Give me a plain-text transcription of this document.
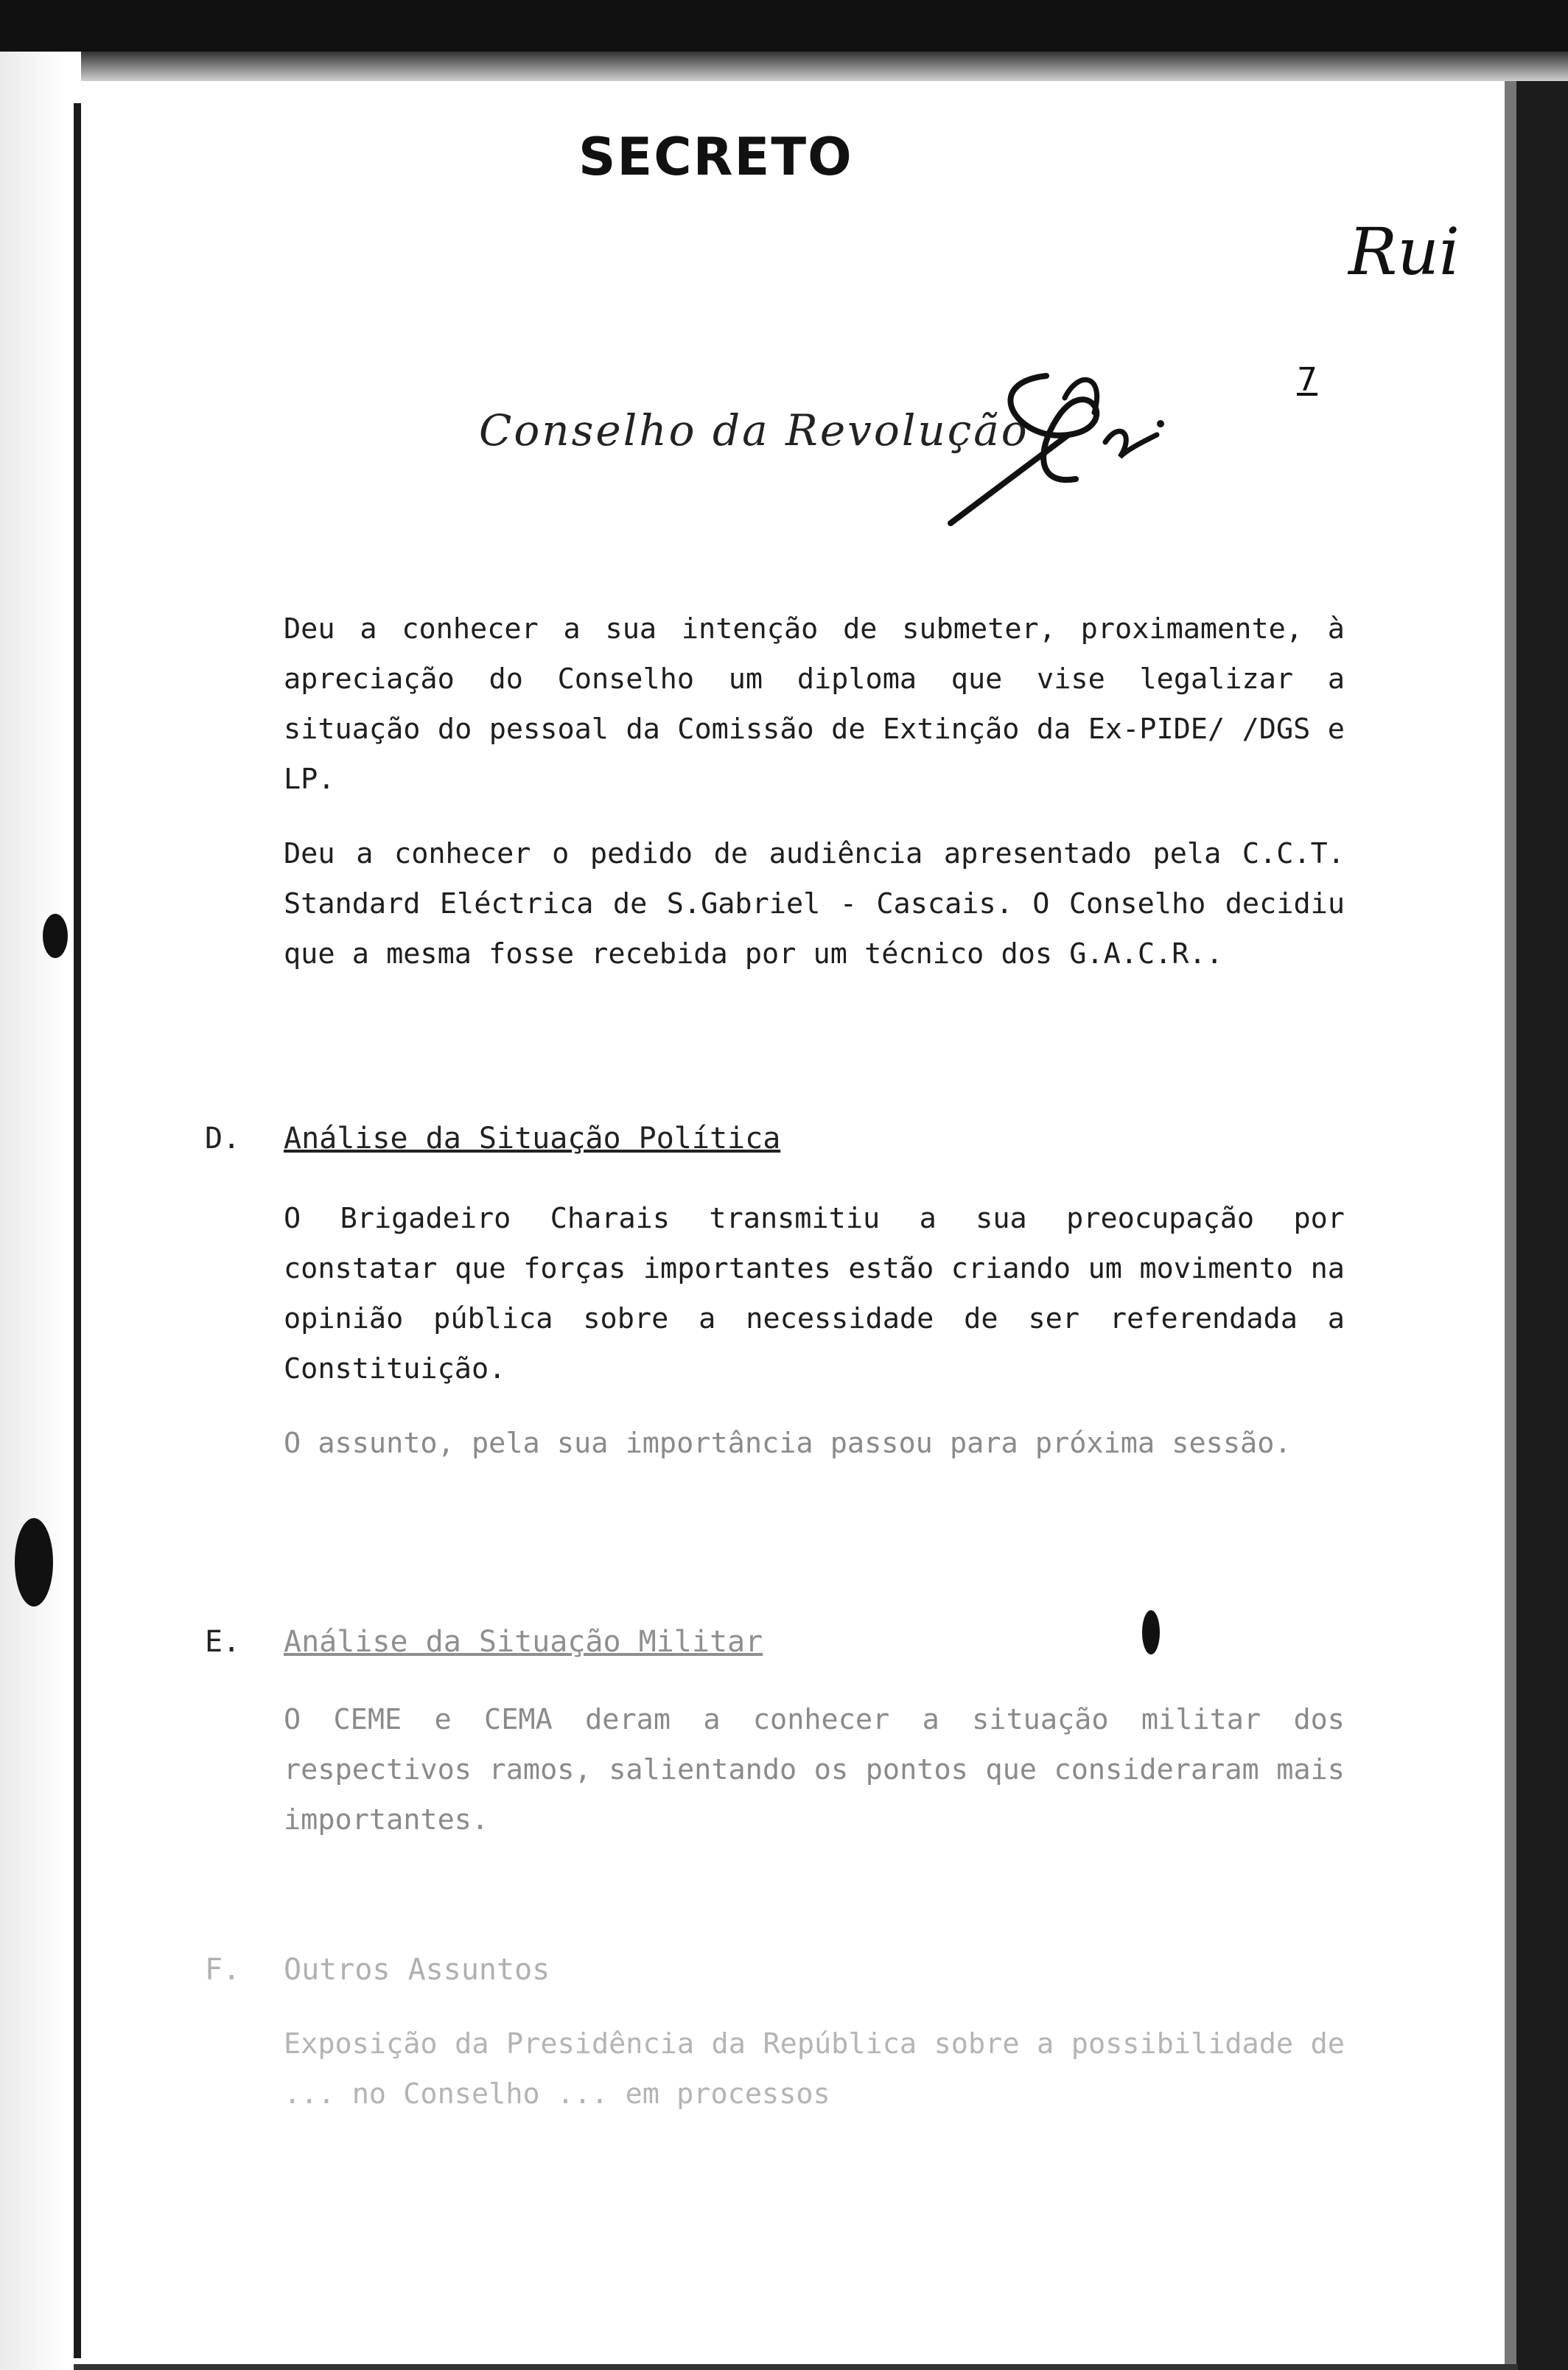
SECRETO
Rui
7
Conselho da Revolução

Deu a conhecer a sua intenção de submeter, proximamente, à apreciação do Conselho um diploma que vise legalizar a situação do pessoal da Comissão de Extinção da Ex-PIDE/ /DGS e LP.

Deu a conhecer o pedido de audiência apresentado pela C.C.T. Standard Eléctrica de S.Gabriel - Cascais. O Conselho decidiu que a mesma fosse recebida por um técnico dos G.A.C.R..

D. Análise da Situação Política

O Brigadeiro Charais transmitiu a sua preocupação por constatar que forças importantes estão criando um movimento na opinião pública sobre a necessidade de ser referendada a Constituição.

O assunto, pela sua importância passou para próxima sessão.

E. Análise da Situação Militar

O CEME e CEMA deram a conhecer a situação militar dos respectivos ramos, salientando os pontos que consideraram mais importantes.

F. Outros Assuntos

Exposição da Presidência da República sobre a possibilidade de ... no Conselho ... em processos
